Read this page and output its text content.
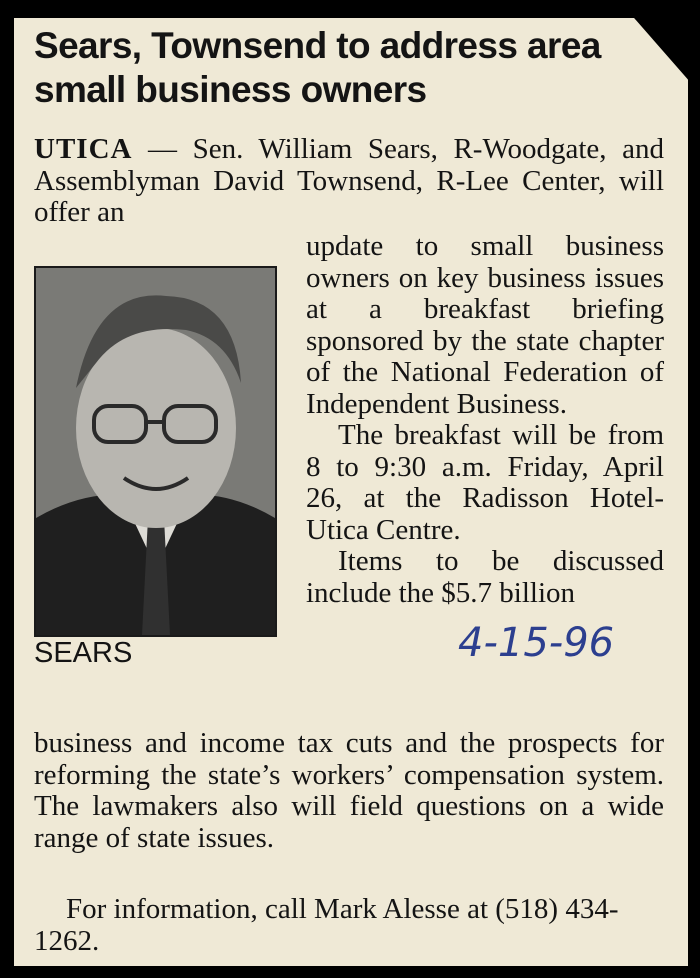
Sears, Townsend to address area small business owners

UTICA — Sen. William Sears, R-Woodgate, and Assemblyman David Townsend, R-Lee Center, will offer an

SEARS

update to small business owners on key business issues at a breakfast briefing sponsored by the state chapter of the National Federation of Independent Business.

The breakfast will be from 8 to 9:30 a.m. Friday, April 26, at the Radisson Hotel-Utica Centre.

Items to be discussed include the $5.7 billion

4-15-96

business and income tax cuts and the prospects for reforming the state’s workers’ compensation system. The lawmakers also will field questions on a wide range of state issues.

For information, call Mark Alesse at (518) 434-1262.
